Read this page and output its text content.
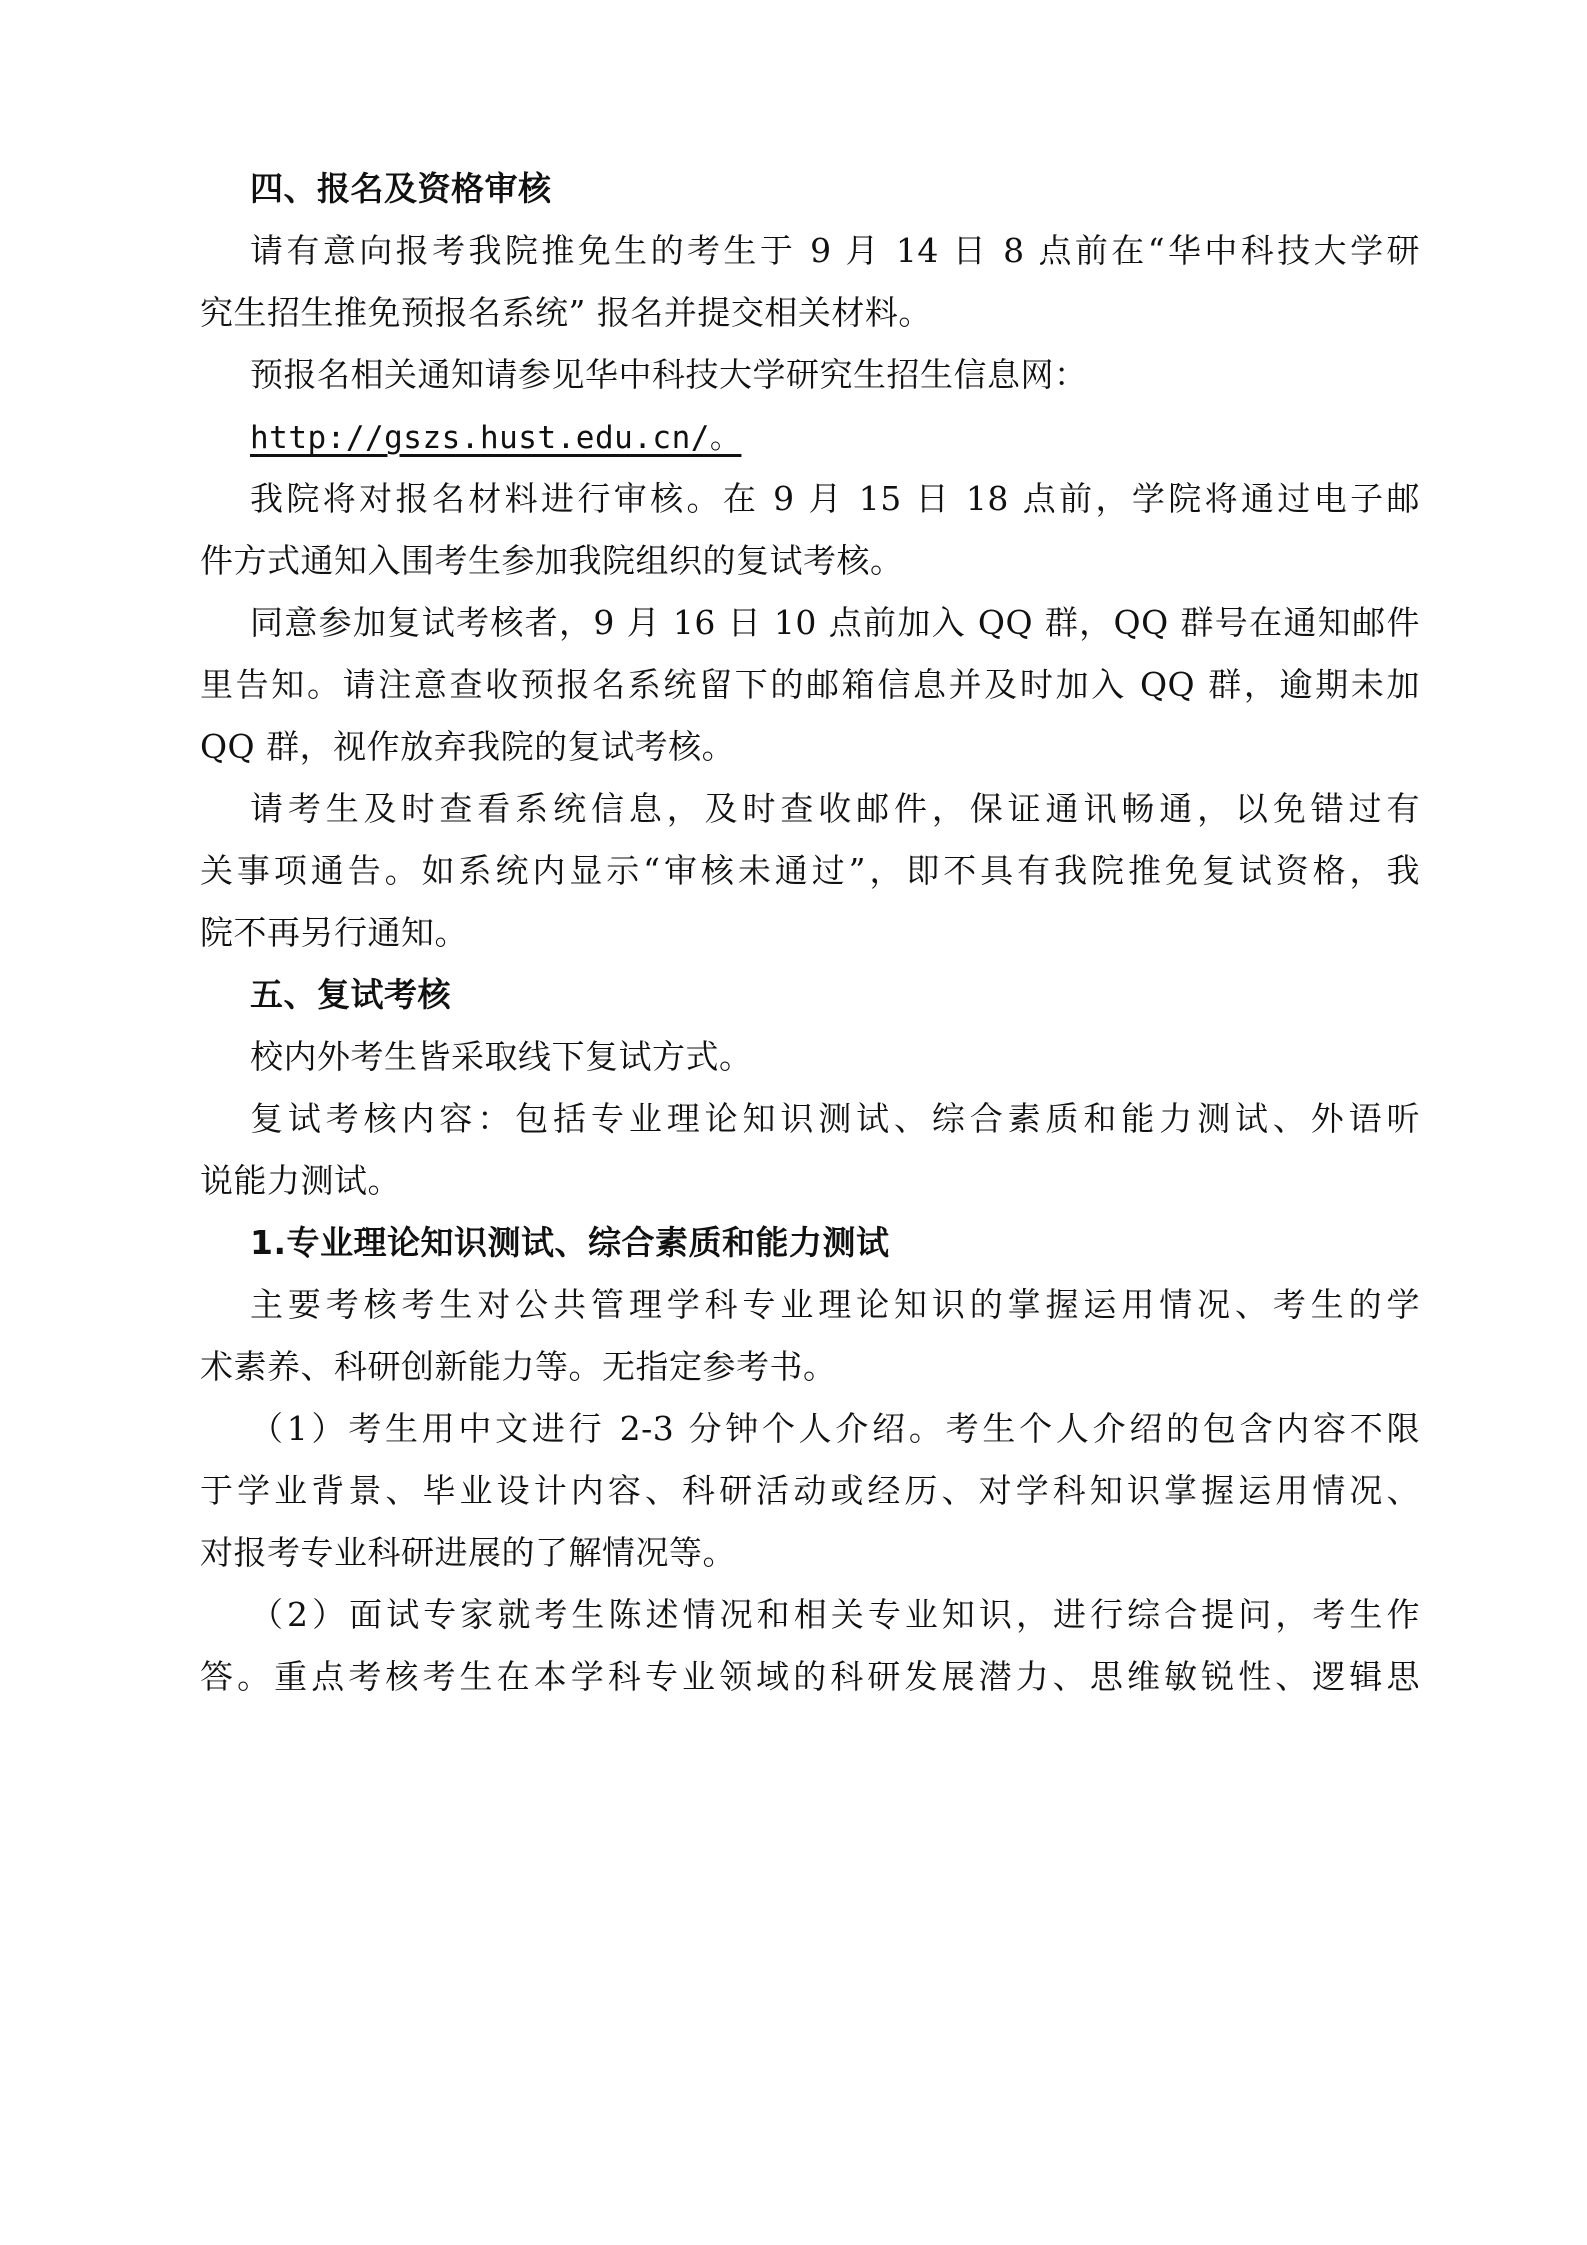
四、报名及资格审核
请有意向报考我院推免生的考生于 9 月 14 日 8 点前在“华中科技大学研
究生招生推免预报名系统” 报名并提交相关材料。
预报名相关通知请参见华中科技大学研究生招生信息网：
http://gszs.hust.edu.cn/。
我院将对报名材料进行审核。在 9 月 15 日 18 点前，学院将通过电子邮
件方式通知入围考生参加我院组织的复试考核。
同意参加复试考核者，9 月 16 日 10 点前加入 QQ 群，QQ 群号在通知邮件
里告知。请注意查收预报名系统留下的邮箱信息并及时加入 QQ 群，逾期未加
QQ 群，视作放弃我院的复试考核。
请考生及时查看系统信息，及时查收邮件，保证通讯畅通，以免错过有
关事项通告。如系统内显示“审核未通过”，即不具有我院推免复试资格，我
院不再另行通知。
五、复试考核
校内外考生皆采取线下复试方式。
复试考核内容：包括专业理论知识测试、综合素质和能力测试、外语听
说能力测试。
1.专业理论知识测试、综合素质和能力测试
主要考核考生对公共管理学科专业理论知识的掌握运用情况、考生的学
术素养、科研创新能力等。无指定参考书。
（1）考生用中文进行 2-3 分钟个人介绍。考生个人介绍的包含内容不限
于学业背景、毕业设计内容、科研活动或经历、对学科知识掌握运用情况、
对报考专业科研进展的了解情况等。
（2）面试专家就考生陈述情况和相关专业知识，进行综合提问，考生作
答。重点考核考生在本学科专业领域的科研发展潜力、思维敏锐性、逻辑思
